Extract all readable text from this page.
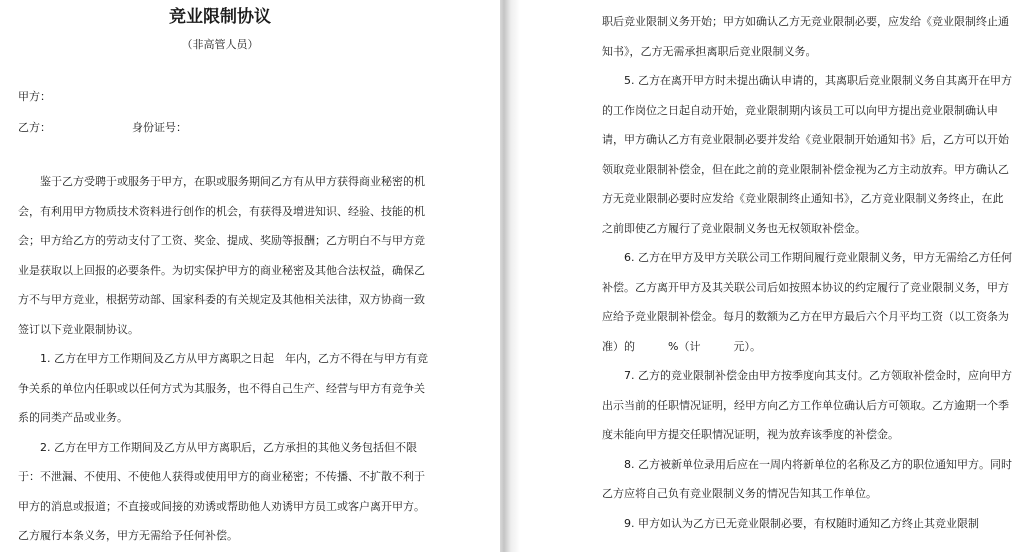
竞业限制协议

（非高管人员）

甲方：

乙方：	身份证号：

鉴于乙方受聘于或服务于甲方，在职或服务期间乙方有从甲方获得商业秘密的机会，有利用甲方物质技术资料进行创作的机会，有获得及增进知识、经验、技能的机会；甲方给乙方的劳动支付了工资、奖金、提成、奖励等报酬；乙方明白不与甲方竞业是获取以上回报的必要条件。为切实保护甲方的商业秘密及其他合法权益，确保乙方不与甲方竞业，根据劳动部、国家科委的有关规定及其他相关法律，双方协商一致签订以下竞业限制协议。

1. 乙方在甲方工作期间及乙方从甲方离职之日起　年内，乙方不得在与甲方有竞争关系的单位内任职或以任何方式为其服务，也不得自己生产、经营与甲方有竞争关系的同类产品或业务。

2. 乙方在甲方工作期间及乙方从甲方离职后，乙方承担的其他义务包括但不限于：不泄漏、不使用、不使他人获得或使用甲方的商业秘密；不传播、不扩散不利于甲方的消息或报道；不直接或间接的劝诱或帮助他人劝诱甲方员工或客户离开甲方。乙方履行本条义务，甲方无需给予任何补偿。

职后竞业限制义务开始；甲方如确认乙方无竞业限制必要，应发给《竞业限制终止通知书》，乙方无需承担离职后竞业限制义务。

5. 乙方在离开甲方时未提出确认申请的，其离职后竞业限制义务自其离开在甲方的工作岗位之日起自动开始，竞业限制期内该员工可以向甲方提出竞业限制确认申请，甲方确认乙方有竞业限制必要并发给《竞业限制开始通知书》后，乙方可以开始领取竞业限制补偿金，但在此之前的竞业限制补偿金视为乙方主动放弃。甲方确认乙方无竞业限制必要时应发给《竞业限制终止通知书》，乙方竞业限制义务终止，在此之前即使乙方履行了竞业限制义务也无权领取补偿金。

6. 乙方在甲方及甲方关联公司工作期间履行竞业限制义务，甲方无需给乙方任何补偿。乙方离开甲方及其关联公司后如按照本协议的约定履行了竞业限制义务，甲方应给予竞业限制补偿金。每月的数额为乙方在甲方最后六个月平均工资（以工资条为准）的　　　%（计　　　元）。

7. 乙方的竞业限制补偿金由甲方按季度向其支付。乙方领取补偿金时，应向甲方出示当前的任职情况证明，经甲方向乙方工作单位确认后方可领取。乙方逾期一个季度未能向甲方提交任职情况证明，视为放弃该季度的补偿金。

8. 乙方被新单位录用后应在一周内将新单位的名称及乙方的职位通知甲方。同时乙方应将自己负有竞业限制义务的情况告知其工作单位。

9. 甲方如认为乙方已无竞业限制必要，有权随时通知乙方终止其竞业限制
